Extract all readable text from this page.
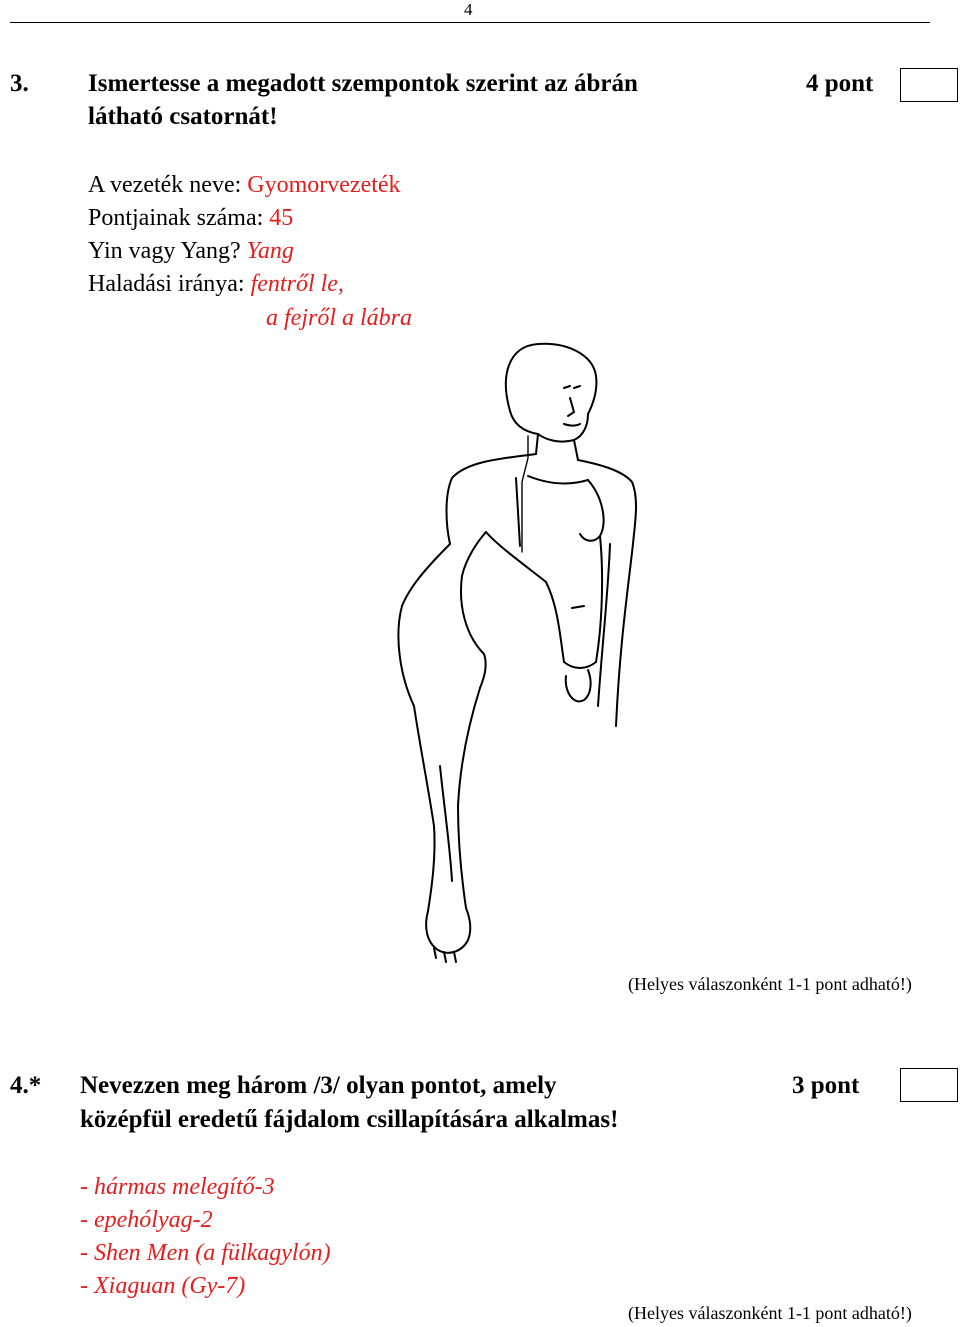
4
3. Ismertesse a megadott szempontok szerint az ábrán
látható csatornát!
4 pont
A vezeték neve: Gyomorvezeték
Pontjainak száma: 45
Yin vagy Yang? Yang
Haladási iránya: fentről le,
a fejről a lábra
(Helyes válaszonként 1-1 pont adható!)
4.* Nevezzen meg három /3/ olyan pontot, amely
középfül eredetű fájdalom csillapítására alkalmas!
3 pont
- hármas melegítő-3
- epehólyag-2
- Shen Men (a fülkagylón)
- Xiaguan (Gy-7)
(Helyes válaszonként 1-1 pont adható!)
